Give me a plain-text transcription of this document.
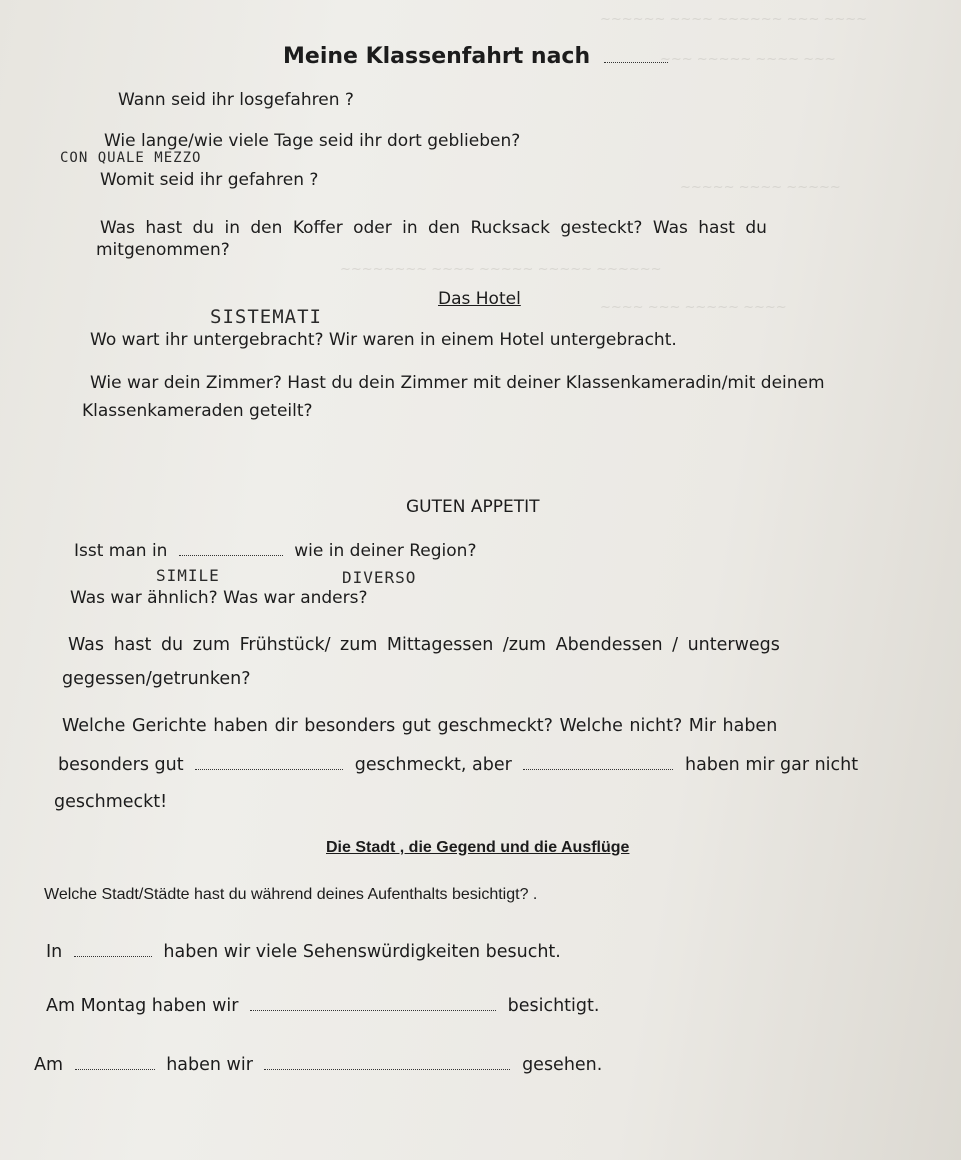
~~~~~~ ~~~~ ~~~~~~ ~~~ ~~~~
~~~ ~~~~~ ~~~~ ~~~
~~~~~ ~~~~ ~~~~~
~~~~~~~~ ~~~~ ~~~~~ ~~~~~ ~~~~~~
~~~~ ~~~ ~~~~~ ~~~~
Meine Klassenfahrt nach
Wann seid ihr losgefahren ?
Wie lange/wie viele Tage seid ihr dort geblieben?
CON QUALE MEZZO
Womit seid ihr gefahren ?
Was hast du in den Koffer oder in den Rucksack gesteckt? Was hast du
mitgenommen?
Das Hotel
SISTEMATI
Wo wart ihr untergebracht? Wir waren in einem Hotel untergebracht.
Wie war dein Zimmer? Hast du dein Zimmer mit deiner Klassenkameradin/mit deinem
Klassenkameraden geteilt?
GUTEN APPETIT
Isst man in	wie in deiner Region?
SIMILE	DIVERSO
Was war ähnlich? Was war anders?
Was hast du zum Frühstück/ zum Mittagessen /zum Abendessen / unterwegs
gegessen/getrunken?
Welche Gerichte haben dir besonders gut geschmeckt? Welche nicht? Mir haben
besonders gut	geschmeckt, aber	haben mir gar nicht
geschmeckt!
Die Stadt , die Gegend und die Ausflüge
Welche Stadt/Städte hast du während deines Aufenthalts besichtigt? .
In	haben wir viele Sehenswürdigkeiten besucht.
Am Montag haben wir	besichtigt.
Am	haben wir	gesehen.
